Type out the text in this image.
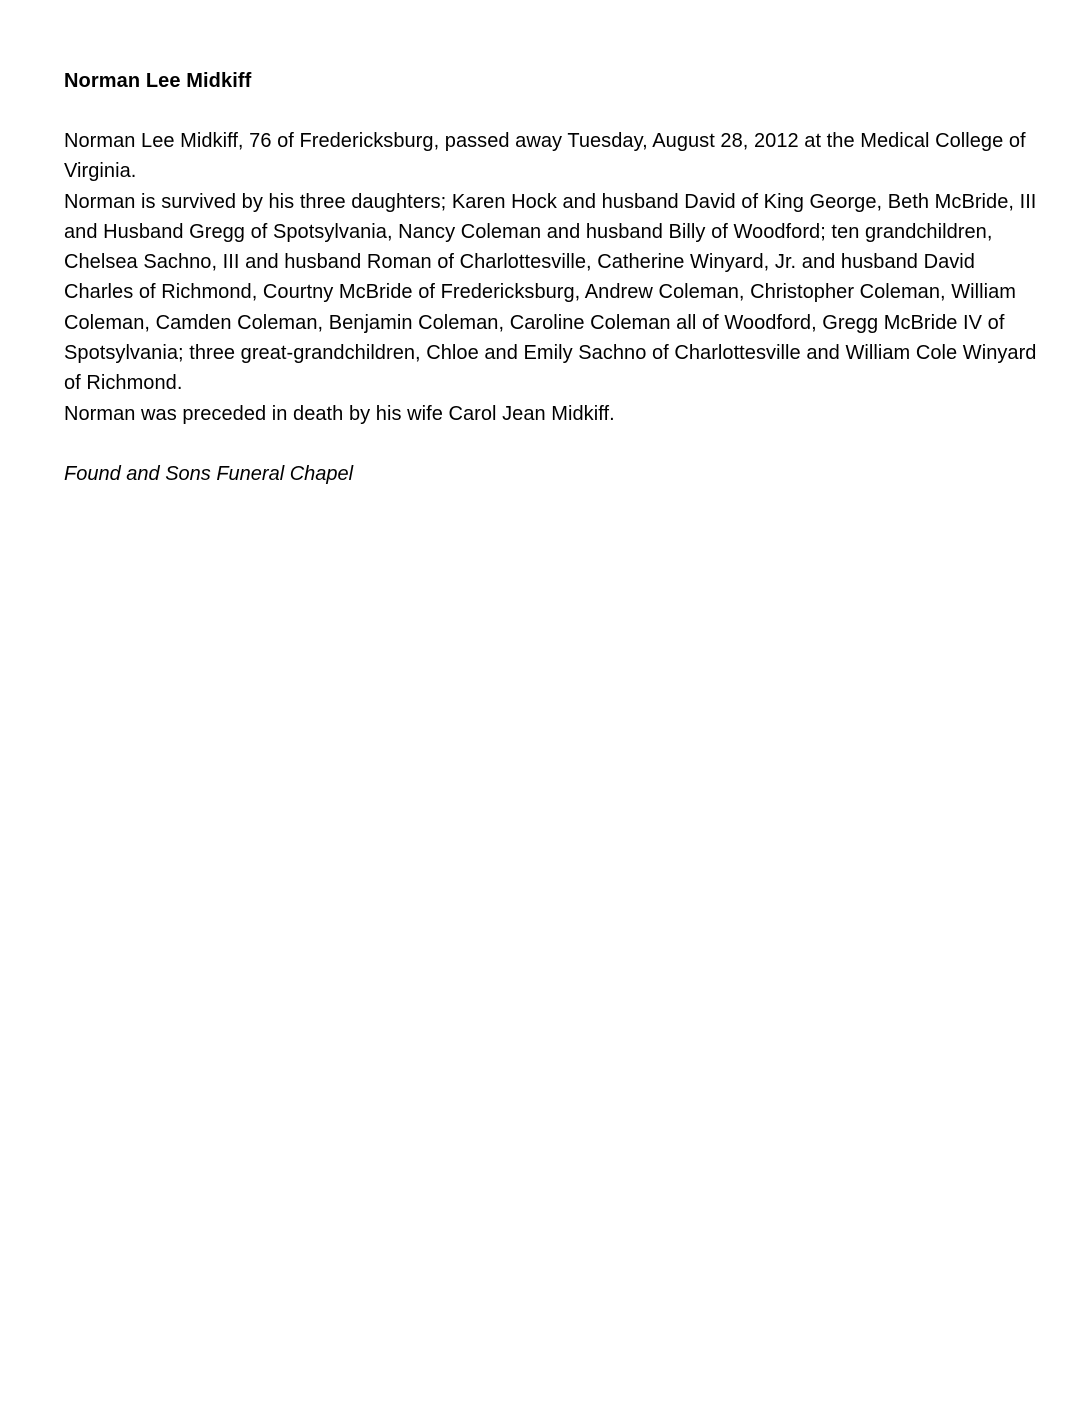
Norman Lee Midkiff

Norman Lee Midkiff, 76 of Fredericksburg, passed away Tuesday, August 28, 2012 at the Medical College of Virginia.

Norman is survived by his three daughters; Karen Hock and husband David of King George, Beth McBride, III and Husband Gregg of Spotsylvania, Nancy Coleman and husband Billy of Woodford; ten grandchildren, Chelsea Sachno, III and husband Roman of Charlottesville, Catherine Winyard, Jr. and husband David Charles of Richmond, Courtny McBride of Fredericksburg, Andrew Coleman, Christopher Coleman, William Coleman, Camden Coleman, Benjamin Coleman, Caroline Coleman all of Woodford, Gregg McBride IV of Spotsylvania; three great-grandchildren, Chloe and Emily Sachno of Charlottesville and William Cole Winyard of Richmond.

Norman was preceded in death by his wife Carol Jean Midkiff.

Found and Sons Funeral Chapel
